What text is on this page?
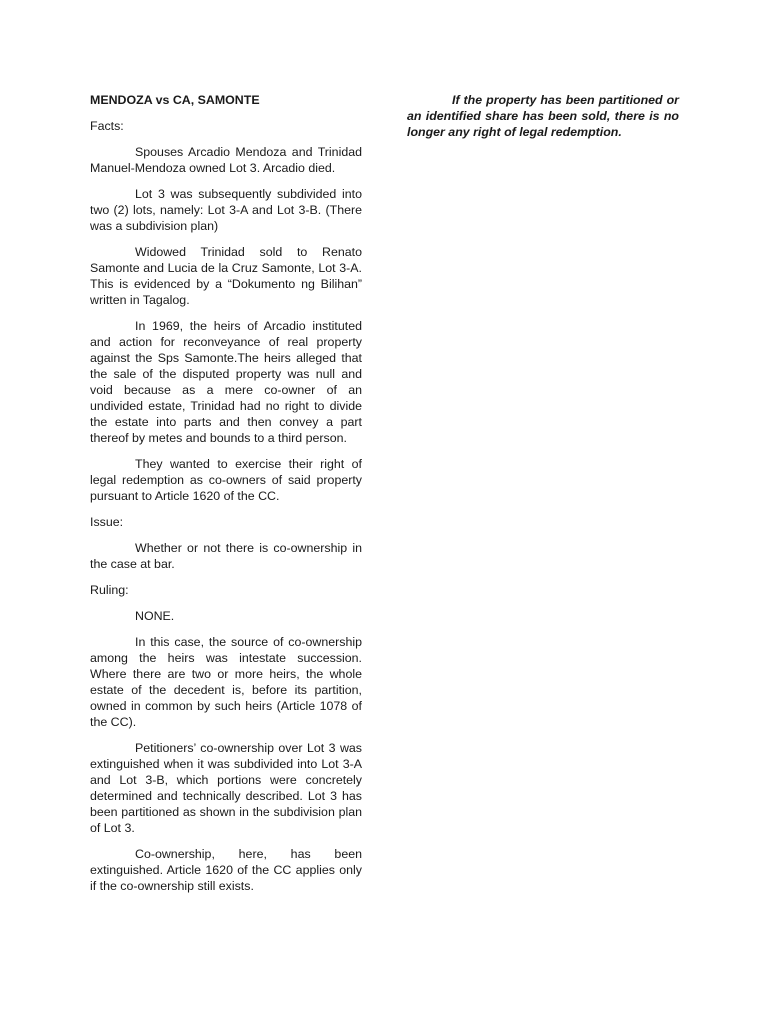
MENDOZA vs CA, SAMONTE

Facts:

Spouses Arcadio Mendoza and Trinidad Manuel-Mendoza owned Lot 3. Arcadio died.

Lot 3 was subsequently subdivided into two (2) lots, namely: Lot 3-A and Lot 3-B. (There was a subdivision plan)

Widowed Trinidad sold to Renato Samonte and Lucia de la Cruz Samonte, Lot 3-A. This is evidenced by a “Dokumento ng Bilihan” written in Tagalog.

In 1969, the heirs of Arcadio instituted and action for reconveyance of real property against the Sps Samonte.The heirs alleged that the sale of the disputed property was null and void because as a mere co-owner of an undivided estate, Trinidad had no right to divide the estate into parts and then convey a part thereof by metes and bounds to a third person.

They wanted to exercise their right of legal redemption as co-owners of said property pursuant to Article 1620 of the CC.

Issue:

Whether or not there is co-ownership in the case at bar.

Ruling:

NONE.

In this case, the source of co-ownership among the heirs was intestate succession. Where there are two or more heirs, the whole estate of the decedent is, before its partition, owned in common by such heirs (Article 1078 of the CC).

Petitioners’ co-ownership over Lot 3 was extinguished when it was subdivided into Lot 3-A and Lot 3-B, which portions were concretely determined and technically described. Lot 3 has been partitioned as shown in the subdivision plan of Lot 3.

Co-ownership, here, has been extinguished. Article 1620 of the CC applies only if the co-ownership still exists.

If the property has been partitioned or an identified share has been sold, there is no longer any right of legal redemption.
